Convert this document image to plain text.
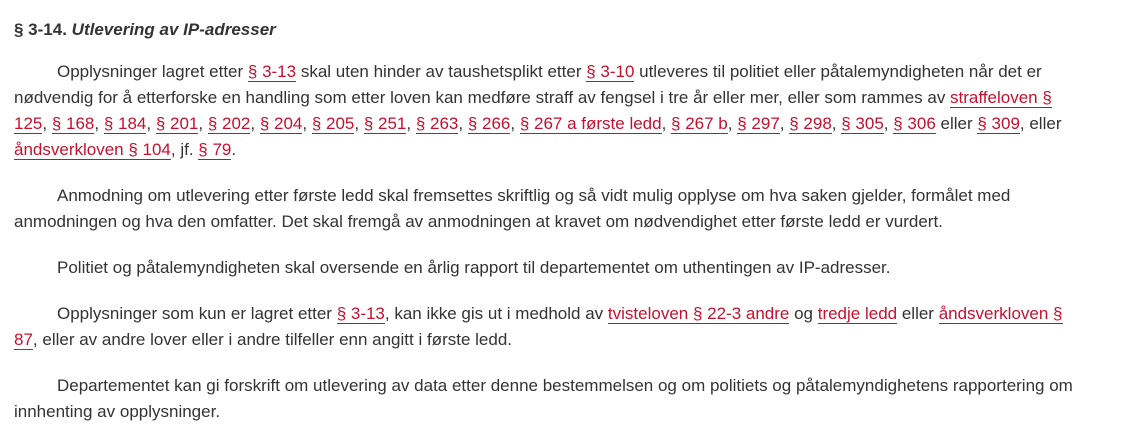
§ 3-14. Utlevering av IP-adresser

Opplysninger lagret etter § 3-13 skal uten hinder av taushetsplikt etter § 3-10 utleveres til politiet eller påtalemyndigheten når det er nødvendig for å etterforske en handling som etter loven kan medføre straff av fengsel i tre år eller mer, eller som rammes av straffeloven § 125, § 168, § 184, § 201, § 202, § 204, § 205, § 251, § 263, § 266, § 267 a første ledd, § 267 b, § 297, § 298, § 305, § 306 eller § 309, eller åndsverkloven § 104, jf. § 79.

Anmodning om utlevering etter første ledd skal fremsettes skriftlig og så vidt mulig opplyse om hva saken gjelder, formålet med anmodningen og hva den omfatter. Det skal fremgå av anmodningen at kravet om nødvendighet etter første ledd er vurdert.

Politiet og påtalemyndigheten skal oversende en årlig rapport til departementet om uthentingen av IP-adresser.

Opplysninger som kun er lagret etter § 3-13, kan ikke gis ut i medhold av tvisteloven § 22-3 andre og tredje ledd eller åndsverkloven § 87, eller av andre lover eller i andre tilfeller enn angitt i første ledd.

Departementet kan gi forskrift om utlevering av data etter denne bestemmelsen og om politiets og påtalemyndighetens rapportering om innhenting av opplysninger.
